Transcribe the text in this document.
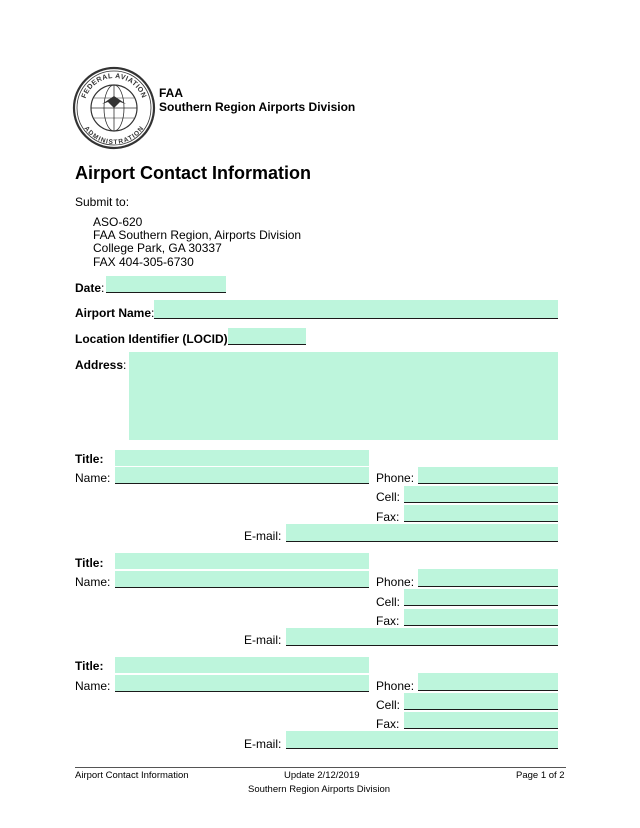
FEDERAL AVIATION
ADMINISTRATION
FAA
Southern Region Airports Division
Airport Contact Information
Submit to:
ASO-620
FAA Southern Region, Airports Division
College Park, GA 30337
FAX 404-305-6730
Date:
Airport Name:
Location Identifier (LOCID)
Address:
Title:
Name:	Phone:
Cell:
Fax:
E-mail:
Title:
Name:	Phone:
Cell:
Fax:
E-mail:
Title:
Name:	Phone:
Cell:
Fax:
E-mail:
Airport Contact Information	Update 2/12/2019	Page 1 of 2
Southern Region Airports Division
